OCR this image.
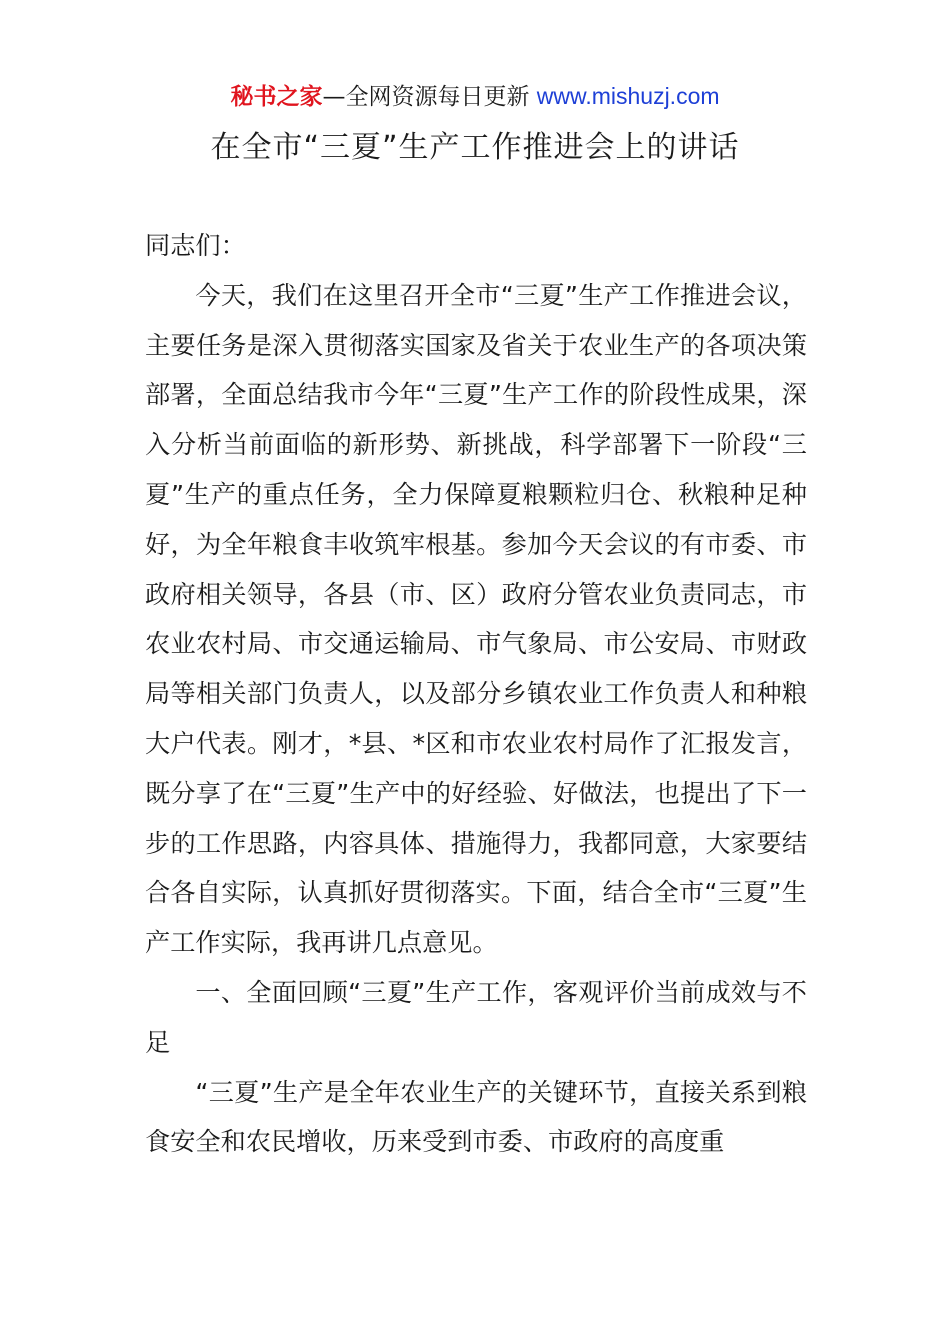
秘书之家—全网资源每日更新 www.mishuzj.com
在全市“三夏”生产工作推进会上的讲话

同志们：

今天，我们在这里召开全市“三夏”生产工作推进会议，主要任务是深入贯彻落实国家及省关于农业生产的各项决策部署，全面总结我市今年“三夏”生产工作的阶段性成果，深入分析当前面临的新形势、新挑战，科学部署下一阶段“三夏”生产的重点任务，全力保障夏粮颗粒归仓、秋粮种足种好，为全年粮食丰收筑牢根基。参加今天会议的有市委、市政府相关领导，各县（市、区）政府分管农业负责同志，市农业农村局、市交通运输局、市气象局、市公安局、市财政局等相关部门负责人，以及部分乡镇农业工作负责人和种粮大户代表。刚才，*县、*区和市农业农村局作了汇报发言，既分享了在“三夏”生产中的好经验、好做法，也提出了下一步的工作思路，内容具体、措施得力，我都同意，大家要结合各自实际，认真抓好贯彻落实。下面，结合全市“三夏”生产工作实际，我再讲几点意见。

一、全面回顾“三夏”生产工作，客观评价当前成效与不足

“三夏”生产是全年农业生产的关键环节，直接关系到粮食安全和农民增收，历来受到市委、市政府的高度重
